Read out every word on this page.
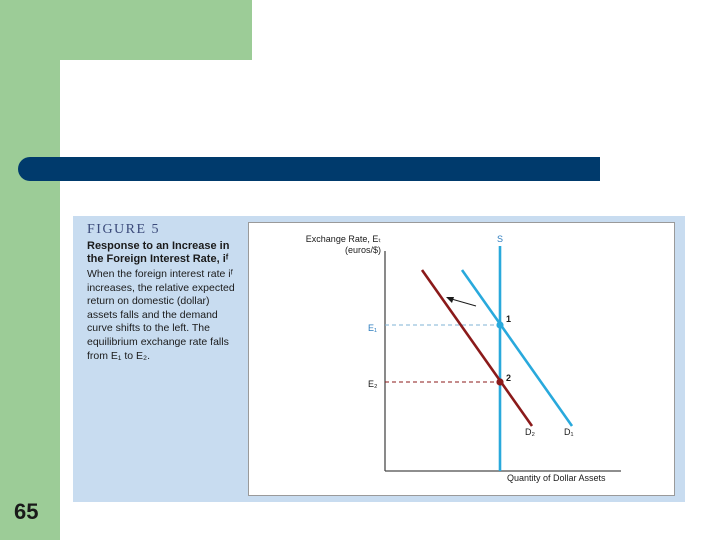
65
FIGURE 5
Response to an Increase in the Foreign Interest Rate, iᶠ
When the foreign interest rate iᶠ increases, the relative expected return on domestic (dollar) assets falls and the demand curve shifts to the left. The equilibrium exchange rate falls from E₁ to E₂.
Exchange Rate, Eₜ
(euros/$)
S
E₁
E₂
1
2
D₂	D₁
Quantity of Dollar Assets
